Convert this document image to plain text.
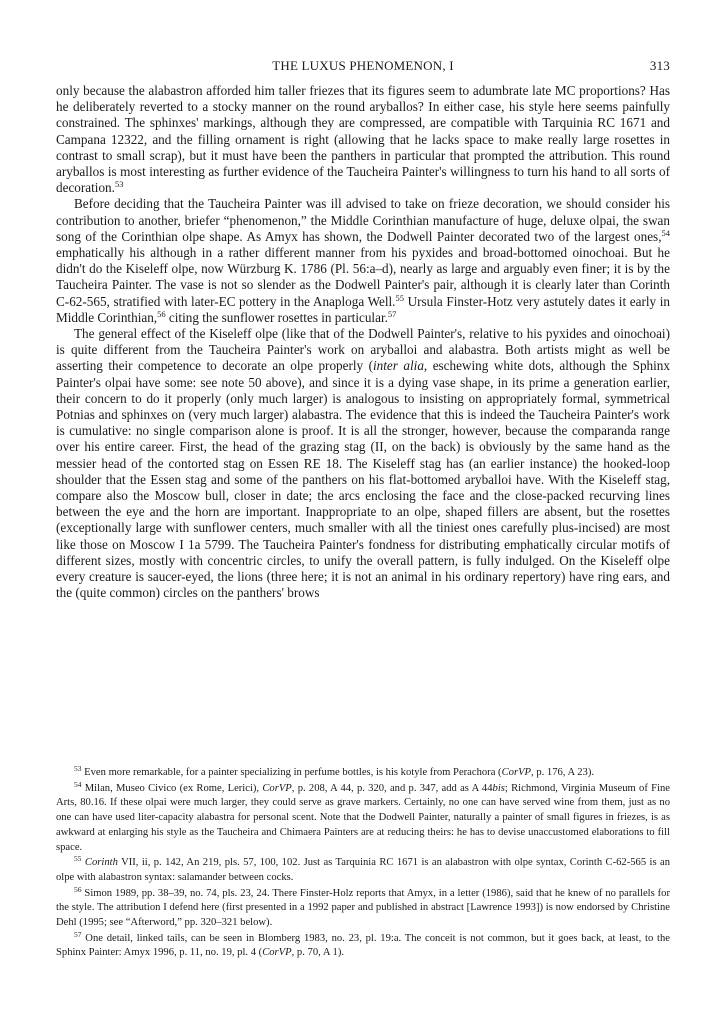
THE LUXUS PHENOMENON, I	313

only because the alabastron afforded him taller friezes that its figures seem to adumbrate late MC proportions? Has he deliberately reverted to a stocky manner on the round aryballos? In either case, his style here seems painfully constrained. The sphinxes' markings, although they are compressed, are compatible with Tarquinia RC 1671 and Campana 12322, and the filling ornament is right (allowing that he lacks space to make really large rosettes in contrast to small scrap), but it must have been the panthers in particular that prompted the attribution. This round aryballos is most interesting as further evidence of the Taucheira Painter's willingness to turn his hand to all sorts of decoration.$^{53}$

Before deciding that the Taucheira Painter was ill advised to take on frieze decoration, we should consider his contribution to another, briefer “phenomenon,” the Middle Corinthian manufacture of huge, deluxe olpai, the swan song of the Corinthian olpe shape. As Amyx has shown, the Dodwell Painter decorated two of the largest ones,$^{54}$ emphatically his although in a rather different manner from his pyxides and broad-bottomed oinochoai. But he didn't do the Kiseleff olpe, now Würzburg K. 1786 (Pl. 56:a–d), nearly as large and arguably even finer; it is by the Taucheira Painter. The vase is not so slender as the Dodwell Painter's pair, although it is clearly later than Corinth C-62-565, stratified with later-EC pottery in the Anaploga Well.$^{55}$ Ursula Finster-Hotz very astutely dates it early in Middle Corinthian,$^{56}$ citing the sunflower rosettes in particular.$^{57}$

The general effect of the Kiseleff olpe (like that of the Dodwell Painter's, relative to his pyxides and oinochoai) is quite different from the Taucheira Painter's work on aryballoi and alabastra. Both artists might as well be asserting their competence to decorate an olpe properly (inter alia, eschewing white dots, although the Sphinx Painter's olpai have some: see note 50 above), and since it is a dying vase shape, in its prime a generation earlier, their concern to do it properly (only much larger) is analogous to insisting on appropriately formal, symmetrical Potnias and sphinxes on (very much larger) alabastra. The evidence that this is indeed the Taucheira Painter's work is cumulative: no single comparison alone is proof. It is all the stronger, however, because the comparanda range over his entire career. First, the head of the grazing stag (II, on the back) is obviously by the same hand as the messier head of the contorted stag on Essen RE 18. The Kiseleff stag has (an earlier instance) the hooked-loop shoulder that the Essen stag and some of the panthers on his flat-bottomed aryballoi have. With the Kiseleff stag, compare also the Moscow bull, closer in date; the arcs enclosing the face and the close-packed recurving lines between the eye and the horn are important. Inappropriate to an olpe, shaped fillers are absent, but the rosettes (exceptionally large with sunflower centers, much smaller with all the tiniest ones carefully plus-incised) are most like those on Moscow I 1a 5799. The Taucheira Painter's fondness for distributing emphatically circular motifs of different sizes, mostly with concentric circles, to unify the overall pattern, is fully indulged. On the Kiseleff olpe every creature is saucer-eyed, the lions (three here; it is not an animal in his ordinary repertory) have ring ears, and the (quite common) circles on the panthers' brows

$^{53}$ Even more remarkable, for a painter specializing in perfume bottles, is his kotyle from Perachora (CorVP, p. 176, A 23).

$^{54}$ Milan, Museo Civico (ex Rome, Lerici), CorVP, p. 208, A 44, p. 320, and p. 347, add as A 44bis; Richmond, Virginia Museum of Fine Arts, 80.16. If these olpai were much larger, they could serve as grave markers. Certainly, no one can have served wine from them, just as no one can have used liter-capacity alabastra for personal scent. Note that the Dodwell Painter, naturally a painter of small figures in friezes, is as awkward at enlarging his style as the Taucheira and Chimaera Painters are at reducing theirs: he has to devise unaccustomed elaborations to fill space.

$^{55}$ Corinth VII, ii, p. 142, An 219, pls. 57, 100, 102. Just as Tarquinia RC 1671 is an alabastron with olpe syntax, Corinth C-62-565 is an olpe with alabastron syntax: salamander between cocks.

$^{56}$ Simon 1989, pp. 38–39, no. 74, pls. 23, 24. There Finster-Holz reports that Amyx, in a letter (1986), said that he knew of no parallels for the style. The attribution I defend here (first presented in a 1992 paper and published in abstract [Lawrence 1993]) is now endorsed by Christine Dehl (1995; see “Afterword,” pp. 320–321 below).

$^{57}$ One detail, linked tails, can be seen in Blomberg 1983, no. 23, pl. 19:a. The conceit is not common, but it goes back, at least, to the Sphinx Painter: Amyx 1996, p. 11, no. 19, pl. 4 (CorVP, p. 70, A 1).
